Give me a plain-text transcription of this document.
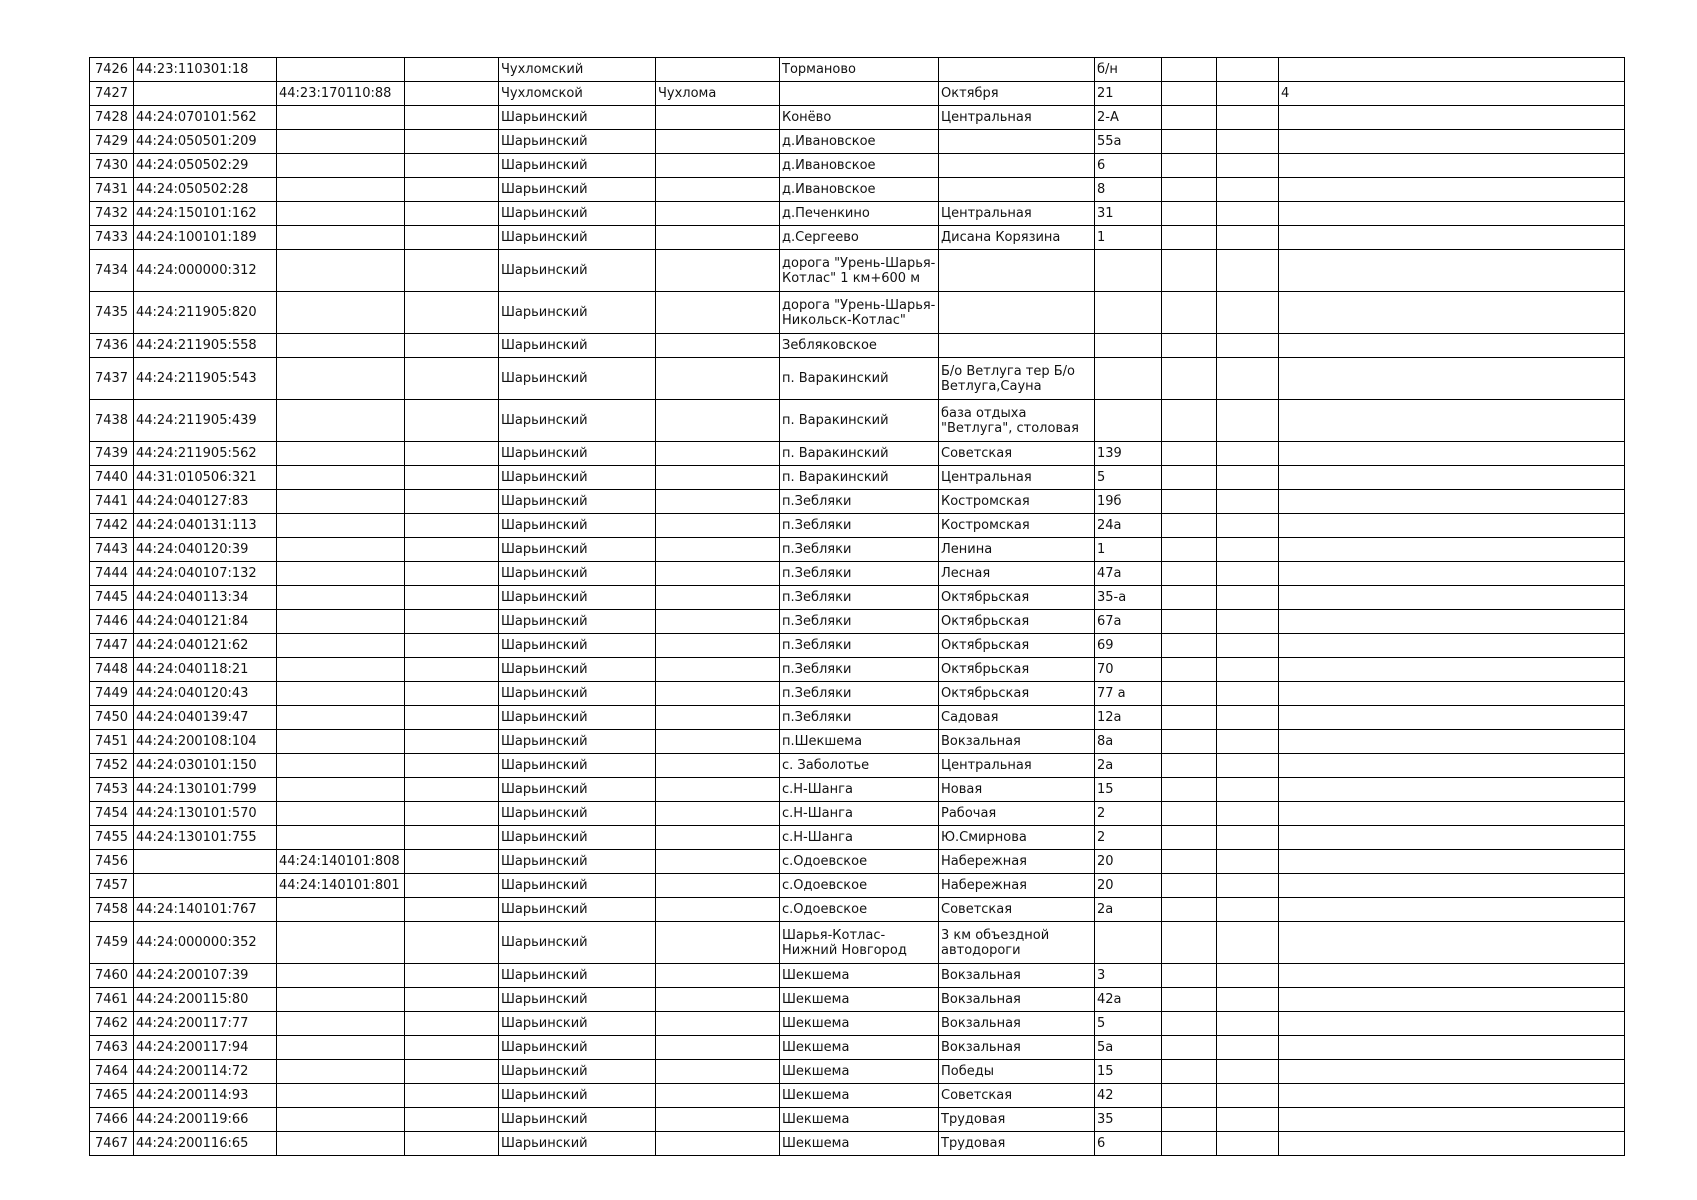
7426	44:23:110301:18			Чухломский		Торманово		б/н			
7427		44:23:170110:88		Чухломской	Чухлома		Октября	21			4
7428	44:24:070101:562			Шарьинский		Конёво	Центральная	2-А			
7429	44:24:050501:209			Шарьинский		д.Ивановское		55а			
7430	44:24:050502:29			Шарьинский		д.Ивановское		6			
7431	44:24:050502:28			Шарьинский		д.Ивановское		8			
7432	44:24:150101:162			Шарьинский		д.Печенкино	Центральная	31			
7433	44:24:100101:189			Шарьинский		д.Сергеево	Дисана Корязина	1			
7434	44:24:000000:312			Шарьинский		дорога "Урень-Шарья-Котлас" 1 км+600 м					
7435	44:24:211905:820			Шарьинский		дорога "Урень-Шарья-Никольск-Котлас"					
7436	44:24:211905:558			Шарьинский		Зебляковское					
7437	44:24:211905:543			Шарьинский		п. Варакинский	Б/о Ветлуга тер Б/о Ветлуга,Сауна				
7438	44:24:211905:439			Шарьинский		п. Варакинский	база отдыха "Ветлуга", столовая				
7439	44:24:211905:562			Шарьинский		п. Варакинский	Советская	139			
7440	44:31:010506:321			Шарьинский		п. Варакинский	Центральная	5			
7441	44:24:040127:83			Шарьинский		п.Зебляки	Костромская	19б			
7442	44:24:040131:113			Шарьинский		п.Зебляки	Костромская	24а			
7443	44:24:040120:39			Шарьинский		п.Зебляки	Ленина	1			
7444	44:24:040107:132			Шарьинский		п.Зебляки	Лесная	47а			
7445	44:24:040113:34			Шарьинский		п.Зебляки	Октябрьская	35-а			
7446	44:24:040121:84			Шарьинский		п.Зебляки	Октябрьская	67а			
7447	44:24:040121:62			Шарьинский		п.Зебляки	Октябрьская	69			
7448	44:24:040118:21			Шарьинский		п.Зебляки	Октябрьская	70			
7449	44:24:040120:43			Шарьинский		п.Зебляки	Октябрьская	77 а			
7450	44:24:040139:47			Шарьинский		п.Зебляки	Садовая	12а			
7451	44:24:200108:104			Шарьинский		п.Шекшема	Вокзальная	8а			
7452	44:24:030101:150			Шарьинский		с. Заболотье	Центральная	2а			
7453	44:24:130101:799			Шарьинский		с.Н-Шанга	Новая	15			
7454	44:24:130101:570			Шарьинский		с.Н-Шанга	Рабочая	2			
7455	44:24:130101:755			Шарьинский		с.Н-Шанга	Ю.Смирнова	2			
7456		44:24:140101:808		Шарьинский		с.Одоевское	Набережная	20			
7457		44:24:140101:801		Шарьинский		с.Одоевское	Набережная	20			
7458	44:24:140101:767			Шарьинский		с.Одоевское	Советская	2а			
7459	44:24:000000:352			Шарьинский		Шарья-Котлас-Нижний Новгород	3 км объездной автодороги				
7460	44:24:200107:39			Шарьинский		Шекшема	Вокзальная	3			
7461	44:24:200115:80			Шарьинский		Шекшема	Вокзальная	42а			
7462	44:24:200117:77			Шарьинский		Шекшема	Вокзальная	5			
7463	44:24:200117:94			Шарьинский		Шекшема	Вокзальная	5а			
7464	44:24:200114:72			Шарьинский		Шекшема	Победы	15			
7465	44:24:200114:93			Шарьинский		Шекшема	Советская	42			
7466	44:24:200119:66			Шарьинский		Шекшема	Трудовая	35			
7467	44:24:200116:65			Шарьинский		Шекшема	Трудовая	6			
